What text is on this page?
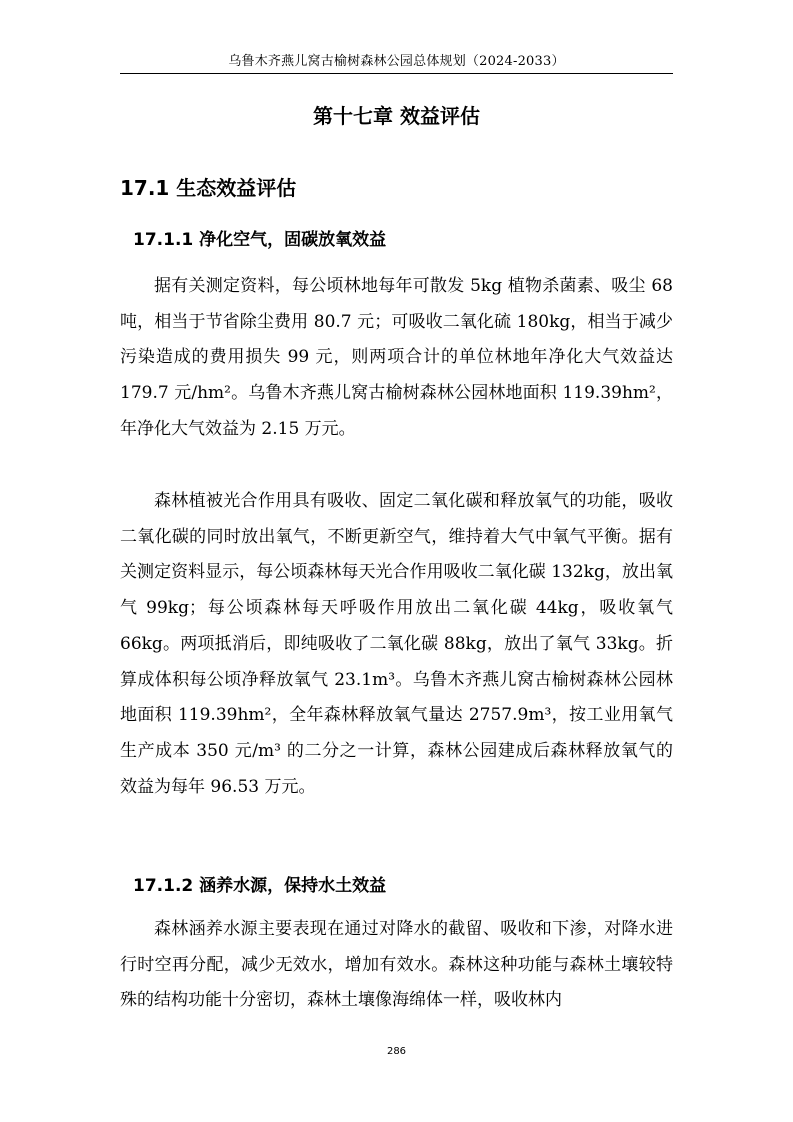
乌鲁木齐燕儿窝古榆树森林公园总体规划（2024-2033）
第十七章 效益评估
17.1 生态效益评估
17.1.1 净化空气，固碳放氧效益

据有关测定资料，每公顷林地每年可散发 5kg 植物杀菌素、吸尘 68 吨，相当于节省除尘费用 80.7 元；可吸收二氧化硫 180kg，相当于减少污染造成的费用损失 99 元，则两项合计的单位林地年净化大气效益达 179.7 元/hm²。乌鲁木齐燕儿窝古榆树森林公园林地面积 119.39hm²，年净化大气效益为 2.15 万元。

森林植被光合作用具有吸收、固定二氧化碳和释放氧气的功能，吸收二氧化碳的同时放出氧气，不断更新空气，维持着大气中氧气平衡。据有关测定资料显示，每公顷森林每天光合作用吸收二氧化碳 132kg，放出氧气 99kg；每公顷森林每天呼吸作用放出二氧化碳 44kg，吸收氧气 66kg。两项抵消后，即纯吸收了二氧化碳 88kg，放出了氧气 33kg。折算成体积每公顷净释放氧气 23.1m³。乌鲁木齐燕儿窝古榆树森林公园林地面积 119.39hm²，全年森林释放氧气量达 2757.9m³，按工业用氧气生产成本 350 元/m³ 的二分之一计算，森林公园建成后森林释放氧气的效益为每年 96.53 万元。

17.1.2 涵养水源，保持水土效益

森林涵养水源主要表现在通过对降水的截留、吸收和下渗，对降水进行时空再分配，减少无效水，增加有效水。森林这种功能与森林土壤较特殊的结构功能十分密切，森林土壤像海绵体一样，吸收林内

286
